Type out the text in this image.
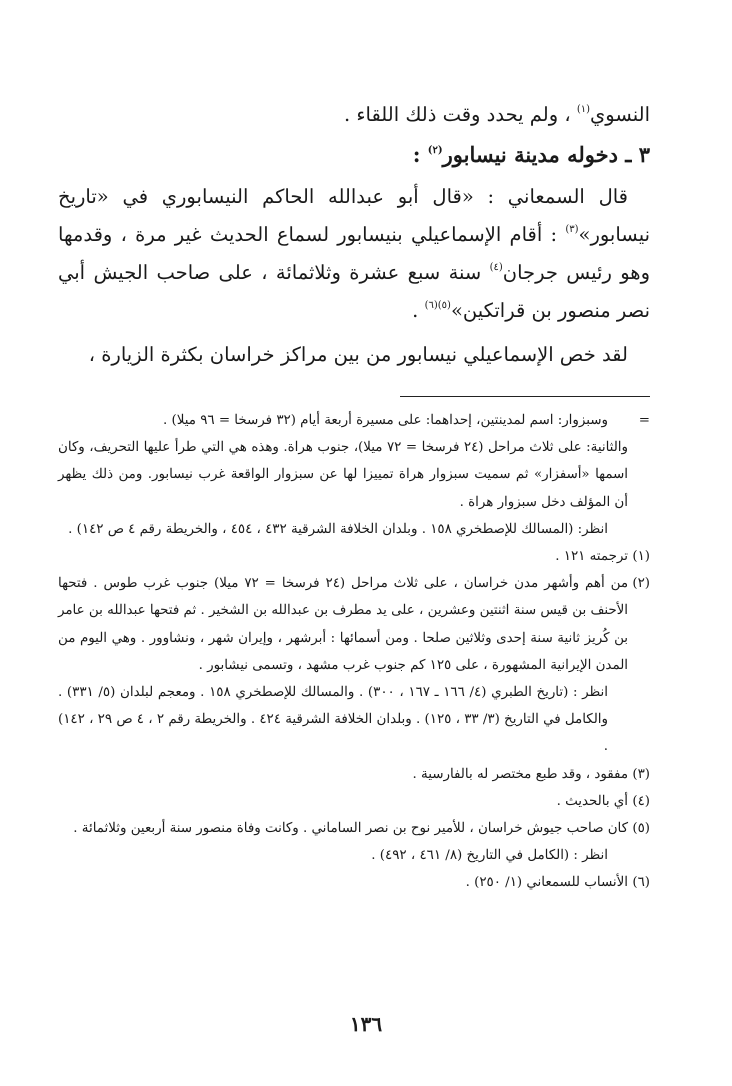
النسوي$^{(١)}$ ، ولم يحدد وقت ذلك اللقاء .

٣ ـ دخوله مدينة نيسابور$^{(٢)}$ :

قال السمعاني : «قال أبو عبدالله الحاكم النيسابوري في «تاريخ نيسابور»$^{(٣)}$ : أقام الإسماعيلي بنيسابور لسماع الحديث غير مرة ، وقدمها وهو رئيس جرجان$^{(٤)}$ سنة سبع عشرة وثلاثمائة ، على صاحب الجيش أبي نصر منصور بن قراتكين»$^{(٥)(٦)}$ .

لقد خص الإسماعيلي نيسابور من بين مراكز خراسان بكثرة الزيارة ،

=
وسبزوار: اسم لمدينتين، إحداهما: على مسيرة أربعة أيام (٣٢ فرسخا = ٩٦ ميلا) .
والثانية: على ثلاث مراحل (٢٤ فرسخا = ٧٢ ميلا)، جنوب هراة. وهذه هي التي طرأ عليها التحريف، وكان اسمها «أسفزار» ثم سميت سبزوار هراة تمييزا لها عن سبزوار الواقعة غرب نيسابور. ومن ذلك يظهر أن المؤلف دخل سبزوار هراة .
انظر: (المسالك للإصطخري ١٥٨ . وبلدان الخلافة الشرقية ٤٣٢ ، ٤٥٤ ، والخريطة رقم ٤ ص ١٤٢) .
(١)
ترجمته ١٢١ .
(٢)
من أهم وأشهر مدن خراسان ، على ثلاث مراحل (٢٤ فرسخا = ٧٢ ميلا) جنوب غرب طوس . فتحها الأحنف بن قيس سنة اثنتين وعشرين ، على يد مطرف بن عبدالله بن الشخير . ثم فتحها عبدالله بن عامر بن كُريز ثانية سنة إحدى وثلاثين صلحا . ومن أسمائها : أبرشهر ، وإيران شهر ، ونشاوور . وهي اليوم من المدن الإيرانية المشهورة ، على ١٢٥ كم جنوب غرب مشهد ، وتسمى نيشابور .
انظر : (تاريخ الطبري (٤/ ١٦٦ ـ ١٦٧ ، ٣٠٠) . والمسالك للإصطخري ١٥٨ . ومعجم لبلدان (٥/ ٣٣١) . والكامل في التاريخ (٣/ ٣٣ ، ١٢٥) . وبلدان الخلافة الشرقية ٤٢٤ . والخريطة رقم ٢ ، ٤ ص ٢٩ ، ١٤٢) .
(٣)
مفقود ، وقد طبع مختصر له بالفارسية .
(٤)
أي بالحديث .
(٥)
كان صاحب جيوش خراسان ، للأمير نوح بن نصر الساماني . وكانت وفاة منصور سنة أربعين وثلاثمائة .
انظر : (الكامل في التاريخ (٨/ ٤٦١ ، ٤٩٢) .
(٦)
الأنساب للسمعاني (١/ ٢٥٠) .
١٣٦
